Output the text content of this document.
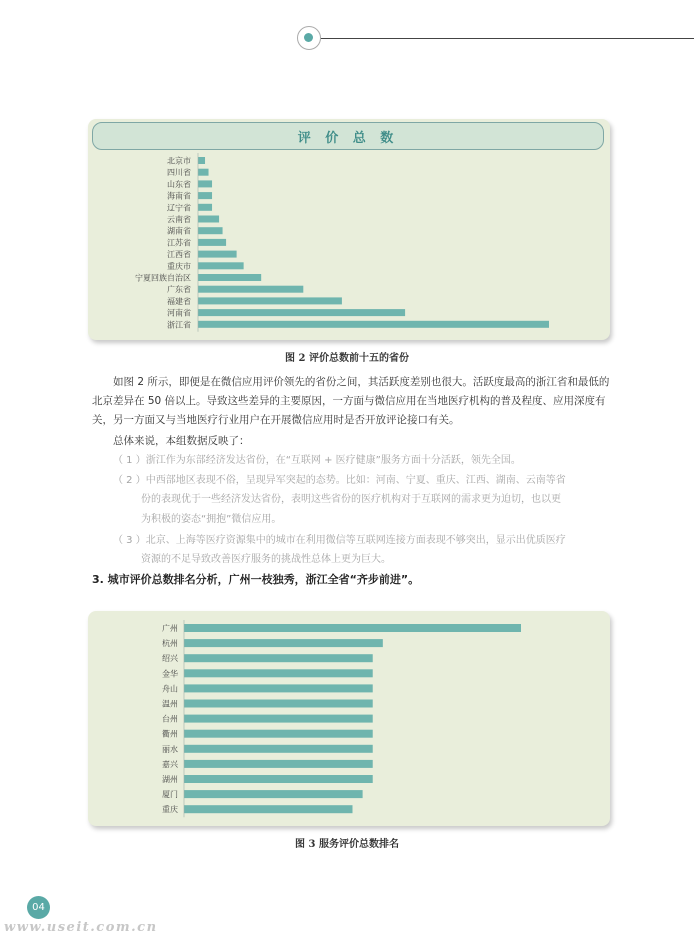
评 价 总 数
北京市
四川省
山东省
海南省
辽宁省
云南省
湖南省
江苏省
江西省
重庆市
宁夏回族自治区
广东省
福建省
河南省
浙江省
图 2 评价总数前十五的省份
如图 2 所示，即便是在微信应用评价领先的省份之间，其活跃度差别也很大。活跃度最高的浙江省和最低的北京差异在 50 倍以上。导致这些差异的主要原因，一方面与微信应用在当地医疗机构的普及程度、应用深度有关，另一方面又与当地医疗行业用户在开展微信应用时是否开放评论接口有关。
总体来说，本组数据反映了：
（ 1 ）浙江作为东部经济发达省份，在“互联网 + 医疗健康”服务方面十分活跃，领先全国。
（ 2 ）中西部地区表现不俗，呈现异军突起的态势。比如：河南、宁夏、重庆、江西、湖南、云南等省
份的表现优于一些经济发达省份，表明这些省份的医疗机构对于互联网的需求更为迫切，也以更
为积极的姿态“拥抱”微信应用。
（ 3 ）北京、上海等医疗资源集中的城市在利用微信等互联网连接方面表现不够突出，显示出优质医疗
资源的不足导致改善医疗服务的挑战性总体上更为巨大。
3. 城市评价总数排名分析，广州一枝独秀，浙江全省“齐步前进”。
广州
杭州
绍兴
金华
舟山
温州
台州
衢州
丽水
嘉兴
湖州
厦门
重庆
图 3 服务评价总数排名
04
www.useit.com.cn
